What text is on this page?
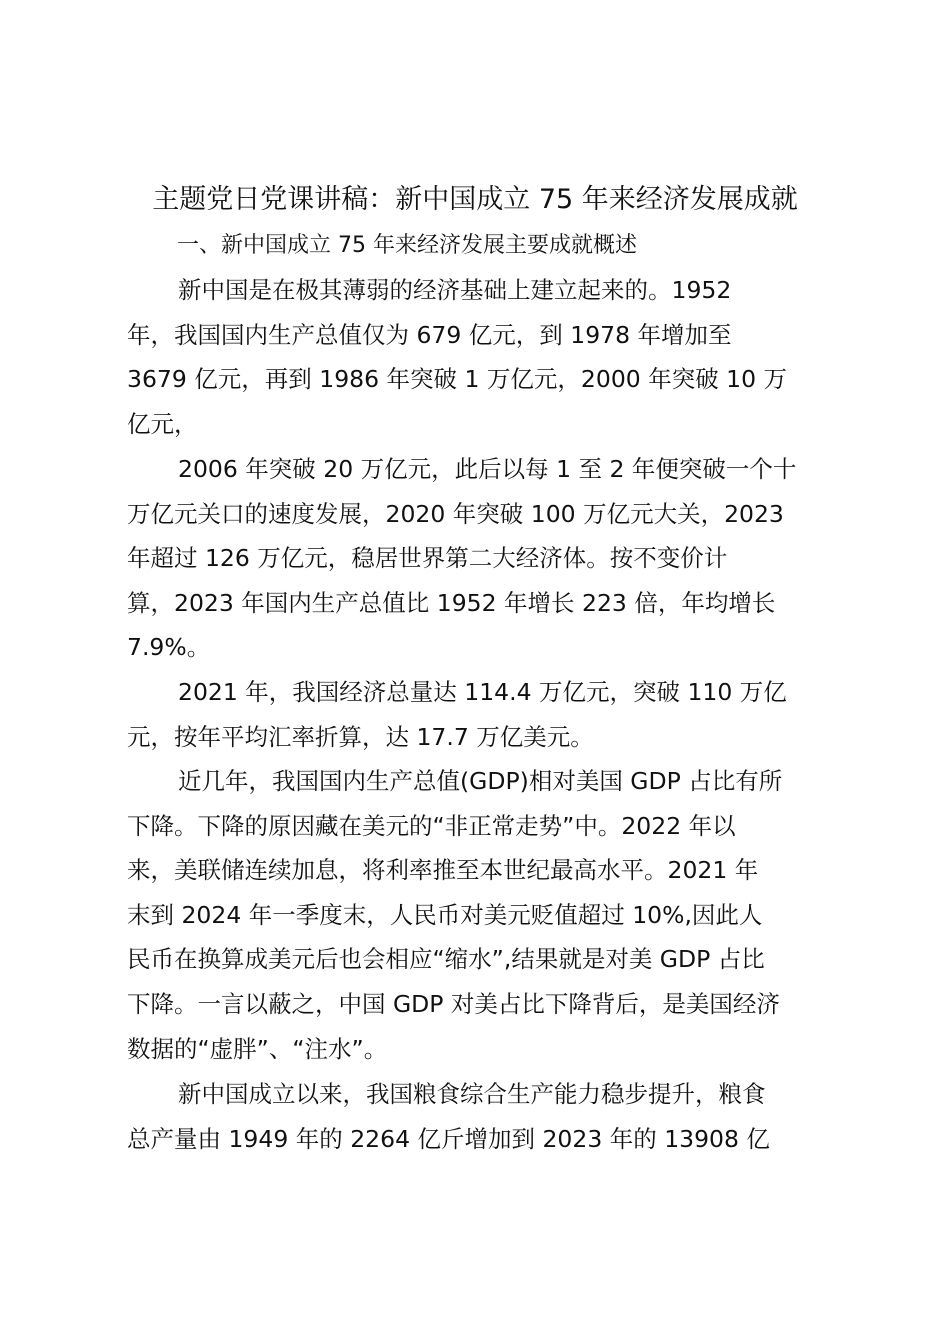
主题党日党课讲稿：新中国成立 75 年来经济发展成就
一、新中国成立 75 年来经济发展主要成就概述
新中国是在极其薄弱的经济基础上建立起来的。1952
年，我国国内生产总值仅为 679 亿元，到 1978 年增加至
3679 亿元，再到 1986 年突破 1 万亿元，2000 年突破 10 万
亿元，
2006 年突破 20 万亿元，此后以每 1 至 2 年便突破一个十
万亿元关口的速度发展，2020 年突破 100 万亿元大关，2023
年超过 126 万亿元，稳居世界第二大经济体。按不变价计
算，2023 年国内生产总值比 1952 年增长 223 倍，年均增长
7.9%。
2021 年，我国经济总量达 114.4 万亿元，突破 110 万亿
元，按年平均汇率折算，达 17.7 万亿美元。
近几年，我国国内生产总值(GDP)相对美国 GDP 占比有所
下降。下降的原因藏在美元的“非正常走势”中。2022 年以
来，美联储连续加息，将利率推至本世纪最高水平。2021 年
末到 2024 年一季度末，人民币对美元贬值超过 10%,因此人
民币在换算成美元后也会相应“缩水”,结果就是对美 GDP 占比
下降。一言以蔽之，中国 GDP 对美占比下降背后，是美国经济
数据的“虚胖”、“注水”。
新中国成立以来，我国粮食综合生产能力稳步提升，粮食
总产量由 1949 年的 2264 亿斤增加到 2023 年的 13908 亿
